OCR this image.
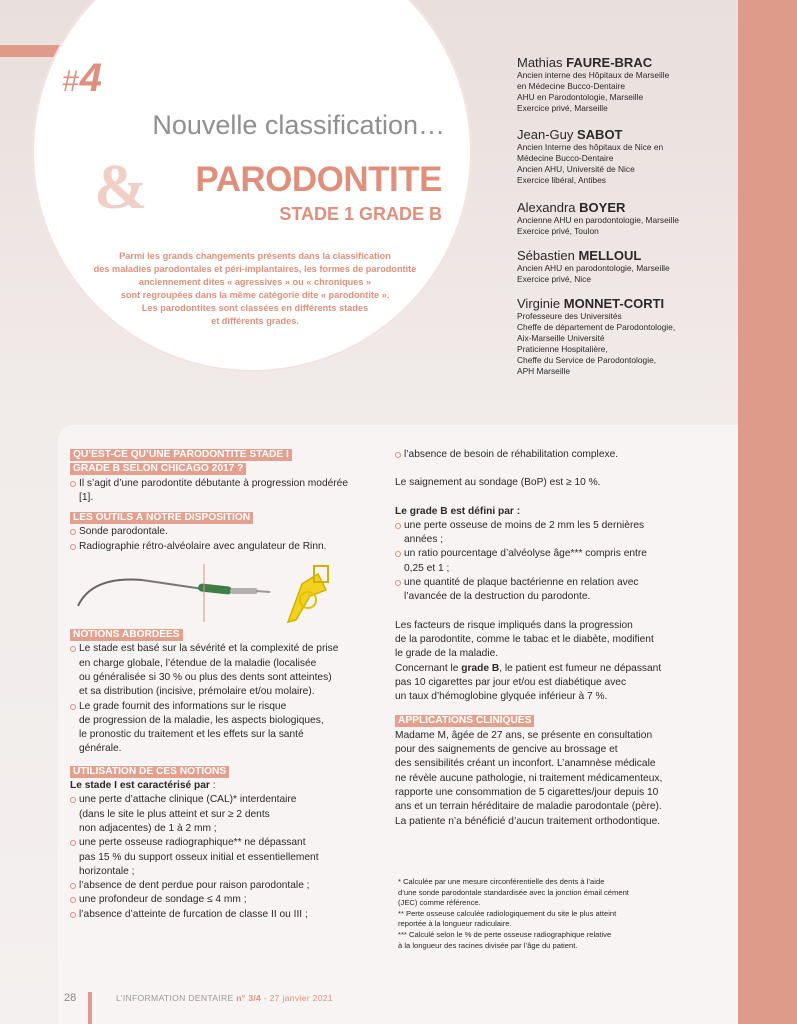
#4
Nouvelle classification…
&	PARODONTITE
STADE 1 GRADE B
Parmi les grands changements présents dans la classification
des maladies parodontales et péri-implantaires, les formes de parodontite
anciennement dites « agressives » ou « chroniques »
sont regroupées dans la même catégorie dite « parodontite ».
Les parodontites sont classées en différents stades
et différents grades.
Mathias FAURE-BRAC
Ancien interne des Hôpitaux de Marseille
en Médecine Bucco-Dentaire
AHU en Parodontologie, Marseille
Exercice privé, Marseille
Jean-Guy SABOT
Ancien Interne des hôpitaux de Nice en
Médecine Bucco-Dentaire
Ancien AHU, Université de Nice
Exercice libéral, Antibes
Alexandra BOYER
Ancienne AHU en parodontologie, Marseille
Exercice privé, Toulon
Sébastien MELLOUL
Ancien AHU en parodontologie, Marseille
Exercice privé, Nice
Virginie MONNET-CORTI
Professeure des Universités
Cheffe de département de Parodontologie,
Aix-Marseille Université
Praticienne Hospitalière,
Cheffe du Service de Parodontologie,
APH Marseille
QU’EST-CE QU’UNE PARODONTITE STADE I
GRADE B SELON CHICAGO 2017 ?
Il s’agit d’une parodontite débutante à progression modérée
[1].
LES OUTILS À NOTRE DISPOSITION
Sonde parodontale.
Radiographie rétro-alvéolaire avec angulateur de Rinn.
NOTIONS ABORDÉES
Le stade est basé sur la sévérité et la complexité de prise
en charge globale, l’étendue de la maladie (localisée
ou généralisée si 30 % ou plus des dents sont atteintes)
et sa distribution (incisive, prémolaire et/ou molaire).
Le grade fournit des informations sur le risque
de progression de la maladie, les aspects biologiques,
le pronostic du traitement et les effets sur la santé
générale.
UTILISATION DE CES NOTIONS
Le stade I est caractérisé par :
une perte d’attache clinique (CAL)* interdentaire
(dans le site le plus atteint et sur ≥ 2 dents
non adjacentes) de 1 à 2 mm ;
une perte osseuse radiographique** ne dépassant
pas 15 % du support osseux initial et essentiellement
horizontale ;
l’absence de dent perdue pour raison parodontale ;
une profondeur de sondage ≤ 4 mm ;
l’absence d’atteinte de furcation de classe II ou III ;
l’absence de besoin de réhabilitation complexe.
Le saignement au sondage (BoP) est ≥ 10 %.
Le grade B est défini par :
une perte osseuse de moins de 2 mm les 5 dernières
années ;
un ratio pourcentage d’alvéolyse âge*** compris entre
0,25 et 1 ;
une quantité de plaque bactérienne en relation avec
l’avancée de la destruction du parodonte.
Les facteurs de risque impliqués dans la progression
de la parodontite, comme le tabac et le diabète, modifient
le grade de la maladie.
Concernant le grade B, le patient est fumeur ne dépassant
pas 10 cigarettes par jour et/ou est diabétique avec
un taux d’hémoglobine glyquée inférieur à 7 %.
APPLICATIONS CLINIQUES
Madame M, âgée de 27 ans, se présente en consultation
pour des saignements de gencive au brossage et
des sensibilités créant un inconfort. L’anamnèse médicale
ne révèle aucune pathologie, ni traitement médicamenteux,
rapporte une consommation de 5 cigarettes/jour depuis 10
ans et un terrain héréditaire de maladie parodontale (père).
La patiente n’a bénéficié d’aucun traitement orthodontique.
* Calculée par une mesure circonférentielle des dents à l’aide
d’une sonde parodontale standardisée avec la jonction émail cément
(JEC) comme référence.
** Perte osseuse calculée radiologiquement du site le plus atteint
reportée à la longueur radiculaire.
*** Calculé selon le % de perte osseuse radiographique relative
à la longueur des racines divisée par l’âge du patient.
28	L’INFORMATION DENTAIRE n° 3/4 - 27 janvier 2021
